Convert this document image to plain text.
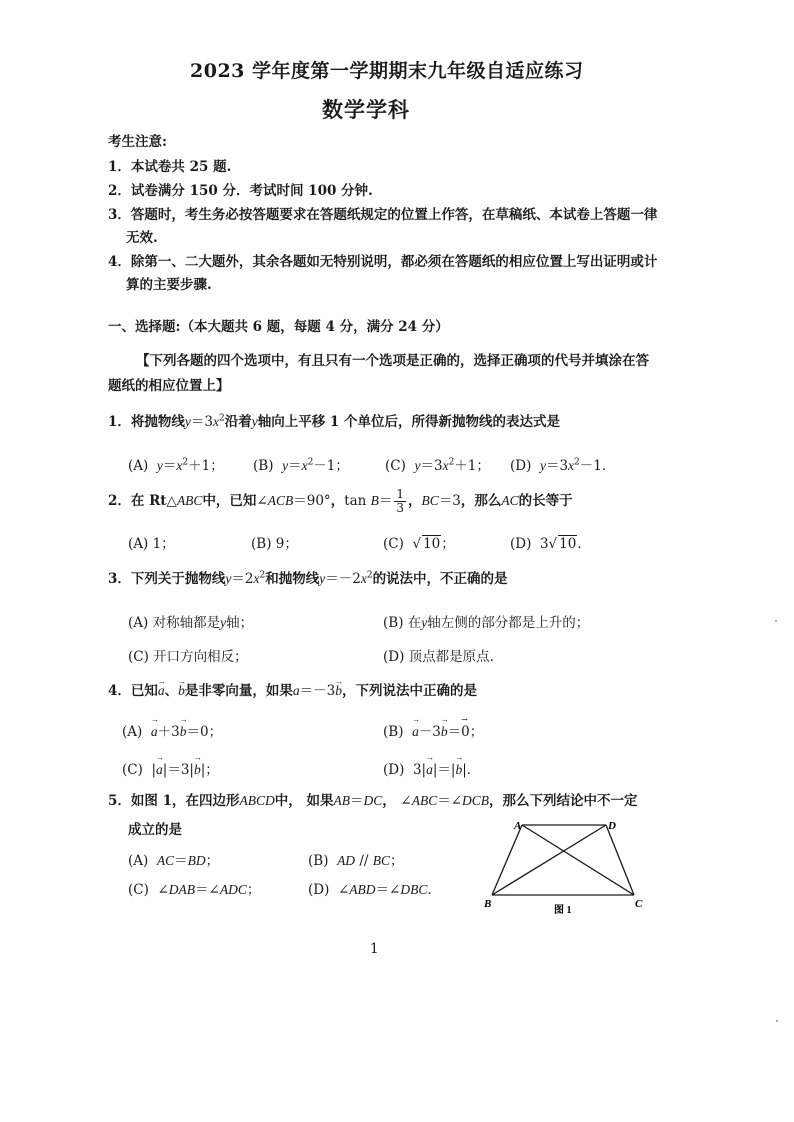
2023 学年度第一学期期末九年级自适应练习
数学学科
考生注意:
1．本试卷共 25 题.
2．试卷满分 150 分．考试时间 100 分钟.
3．答题时，考生务必按答题要求在答题纸规定的位置上作答，在草稿纸、本试卷上答题一律
无效.
4．除第一、二大题外，其余各题如无特别说明，都必须在答题纸的相应位置上写出证明或计
算的主要步骤.
一、选择题:（本大题共 6 题，每题 4 分，满分 24 分）
【下列各题的四个选项中，有且只有一个选项是正确的，选择正确项的代号并填涂在答
题纸的相应位置上】
1．将抛物线$y=3x^2$沿着y轴向上平移 1 个单位后，所得新抛物线的表达式是
(A) $y=x^2+1$； (B) $y=x^2-1$；	(C) $y=3x^2+1$； (D) $y=3x^2-1$．
2．在 Rt△ABC中，已知∠ACB＝90°，$\tan B= \frac{1}{3}$ ，BC＝3，那么AC的长等于
(A) 1；	(B) 9；	(C)  √ 10；	(D)  3√ 10．
3．下列关于抛物线$y=2x^2$和抛物线$y=-2x^2$的说法中，不正确的是
(A) 对称轴都是y轴；	(B) 在y轴左侧的部分都是上升的；
(C) 开口方向相反；	(D) 顶点都是原点.
4．已知→ a、→ b是非零向量，如果a＝－3→ b，下列说法中正确的是
(A) → a＋3→ b＝0；	(B) → a－3→ b＝→ 0；
(C)  |→ a|＝3|→ b|；	(D)  3|→ a|＝|→ b|．
5．如图 1，在四边形ABCD中， 如果AB＝DC， ∠ABC＝∠DCB，那么下列结论中不一定
成立的是
(A) AC＝BD；	(B) AD // BC；
(C)  ∠DAB＝∠ADC；	(D)  ∠ABD＝∠DBC．
A	D
B	C
图 1
1
